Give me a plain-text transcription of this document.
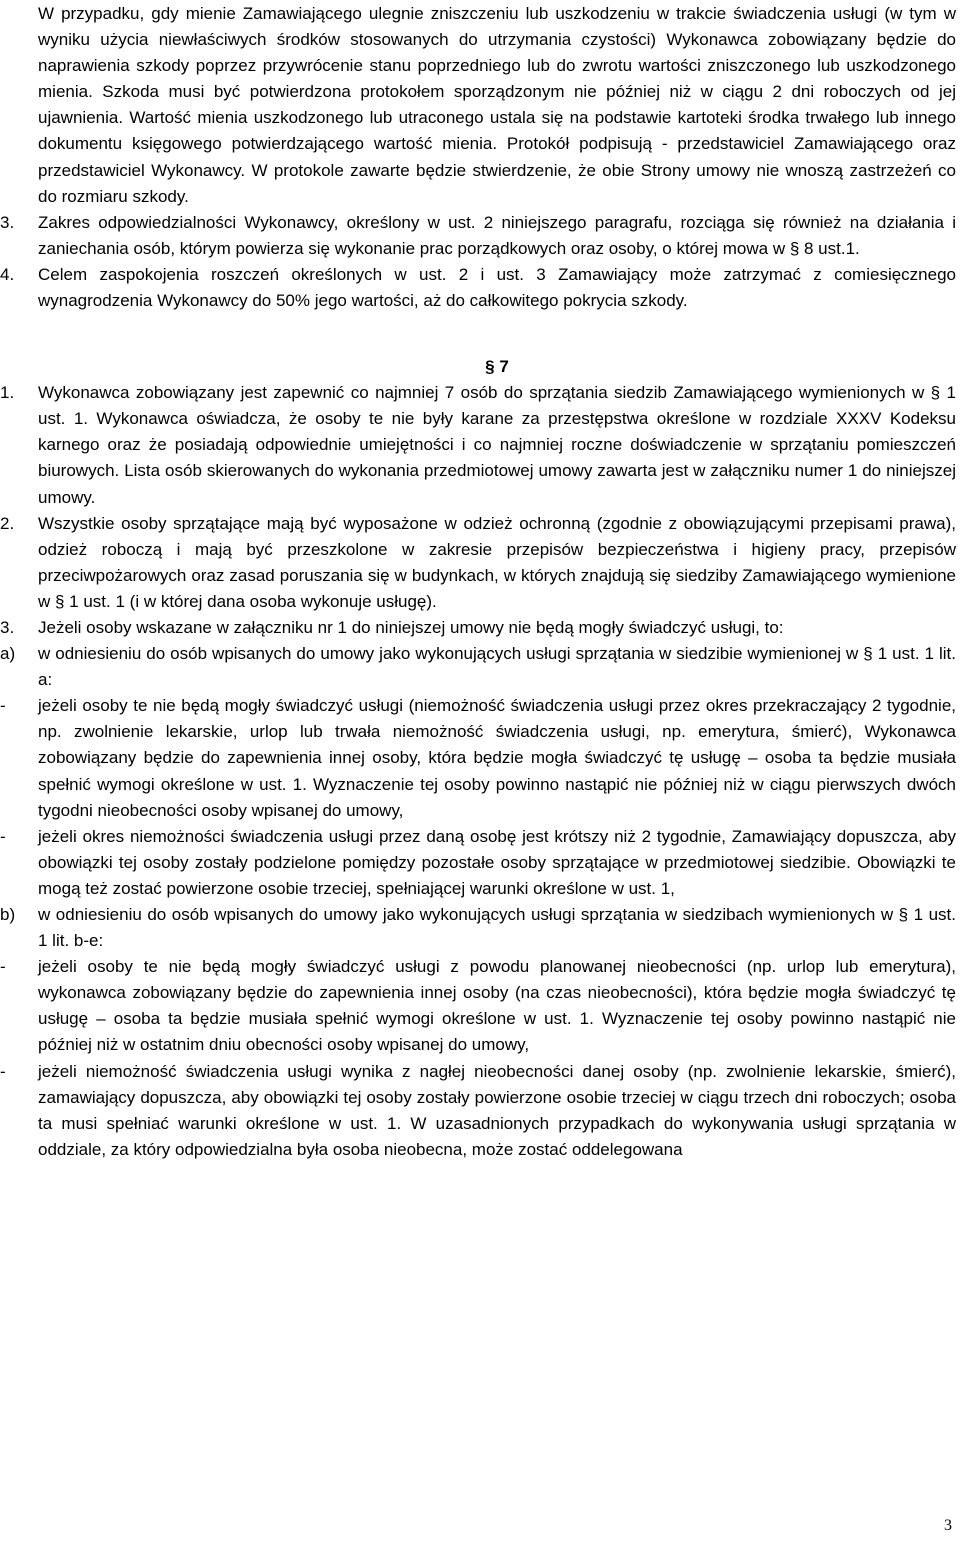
W przypadku, gdy mienie Zamawiającego ulegnie zniszczeniu lub uszkodzeniu w trakcie świadczenia usługi (w tym w wyniku użycia niewłaściwych środków stosowanych do utrzymania czystości) Wykonawca zobowiązany będzie do naprawienia szkody poprzez przywrócenie stanu poprzedniego lub do zwrotu wartości zniszczonego lub uszkodzonego mienia. Szkoda musi być potwierdzona protokołem sporządzonym nie później niż w ciągu 2 dni roboczych od jej ujawnienia. Wartość mienia uszkodzonego lub utraconego ustala się na podstawie kartoteki środka trwałego lub innego dokumentu księgowego potwierdzającego wartość mienia. Protokół podpisują - przedstawiciel Zamawiającego oraz przedstawiciel Wykonawcy. W protokole zawarte będzie stwierdzenie, że obie Strony umowy nie wnoszą zastrzeżeń co do rozmiaru szkody.

3.	Zakres odpowiedzialności Wykonawcy, określony w ust. 2 niniejszego paragrafu, rozciąga się również na działania i zaniechania osób, którym powierza się wykonanie prac porządkowych oraz osoby, o której mowa w § 8 ust.1.

4.	Celem zaspokojenia roszczeń określonych w ust. 2 i ust. 3 Zamawiający może zatrzymać z comiesięcznego wynagrodzenia Wykonawcy do 50% jego wartości, aż do całkowitego pokrycia szkody.

§ 7

1.	Wykonawca zobowiązany jest zapewnić co najmniej 7 osób do sprzątania siedzib Zamawiającego wymienionych w § 1 ust. 1. Wykonawca oświadcza, że osoby te nie były karane za przestępstwa określone w rozdziale XXXV Kodeksu karnego oraz że posiadają odpowiednie umiejętności i co najmniej roczne doświadczenie w sprzątaniu pomieszczeń biurowych. Lista osób skierowanych do wykonania przedmiotowej umowy zawarta jest w załączniku numer 1 do niniejszej umowy.

2.	Wszystkie osoby sprzątające mają być wyposażone w odzież ochronną (zgodnie z obowiązującymi przepisami prawa), odzież roboczą i mają być przeszkolone w zakresie przepisów bezpieczeństwa i higieny pracy, przepisów przeciwpożarowych oraz zasad poruszania się w budynkach, w których znajdują się siedziby Zamawiającego wymienione w § 1 ust. 1 (i w której dana osoba wykonuje usługę).

3.	Jeżeli osoby wskazane w załączniku nr 1 do niniejszej umowy nie będą mogły świadczyć usługi, to:

a)	w odniesieniu do osób wpisanych do umowy jako wykonujących usługi sprzątania w siedzibie wymienionej w § 1 ust. 1 lit. a:

-	jeżeli osoby te nie będą mogły świadczyć usługi (niemożność świadczenia usługi przez okres przekraczający 2 tygodnie, np. zwolnienie lekarskie, urlop lub trwała niemożność świadczenia usługi, np. emerytura, śmierć), Wykonawca zobowiązany będzie do zapewnienia innej osoby, która będzie mogła świadczyć tę usługę – osoba ta będzie musiała spełnić wymogi określone w ust. 1. Wyznaczenie tej osoby powinno nastąpić nie później niż w ciągu pierwszych dwóch tygodni nieobecności osoby wpisanej do umowy,

-	jeżeli okres niemożności świadczenia usługi przez daną osobę jest krótszy niż 2 tygodnie, Zamawiający dopuszcza, aby obowiązki tej osoby zostały podzielone pomiędzy pozostałe osoby sprzątające w przedmiotowej siedzibie. Obowiązki te mogą też zostać powierzone osobie trzeciej, spełniającej warunki określone w ust. 1,

b)	w odniesieniu do osób wpisanych do umowy jako wykonujących usługi sprzątania w siedzibach wymienionych w § 1 ust. 1 lit. b-e:

-	jeżeli osoby te nie będą mogły świadczyć usługi z powodu planowanej nieobecności (np. urlop lub emerytura), wykonawca zobowiązany będzie do zapewnienia innej osoby (na czas nieobecności), która będzie mogła świadczyć tę usługę – osoba ta będzie musiała spełnić wymogi określone w ust. 1. Wyznaczenie tej osoby powinno nastąpić nie później niż w ostatnim dniu obecności osoby wpisanej do umowy,

-	jeżeli niemożność świadczenia usługi wynika z nagłej nieobecności danej osoby (np. zwolnienie lekarskie, śmierć), zamawiający dopuszcza, aby obowiązki tej osoby zostały powierzone osobie trzeciej w ciągu trzech dni roboczych; osoba ta musi spełniać warunki określone w ust. 1. W uzasadnionych przypadkach do wykonywania usługi sprzątania w oddziale, za który odpowiedzialna była osoba nieobecna, może zostać oddelegowana

3
